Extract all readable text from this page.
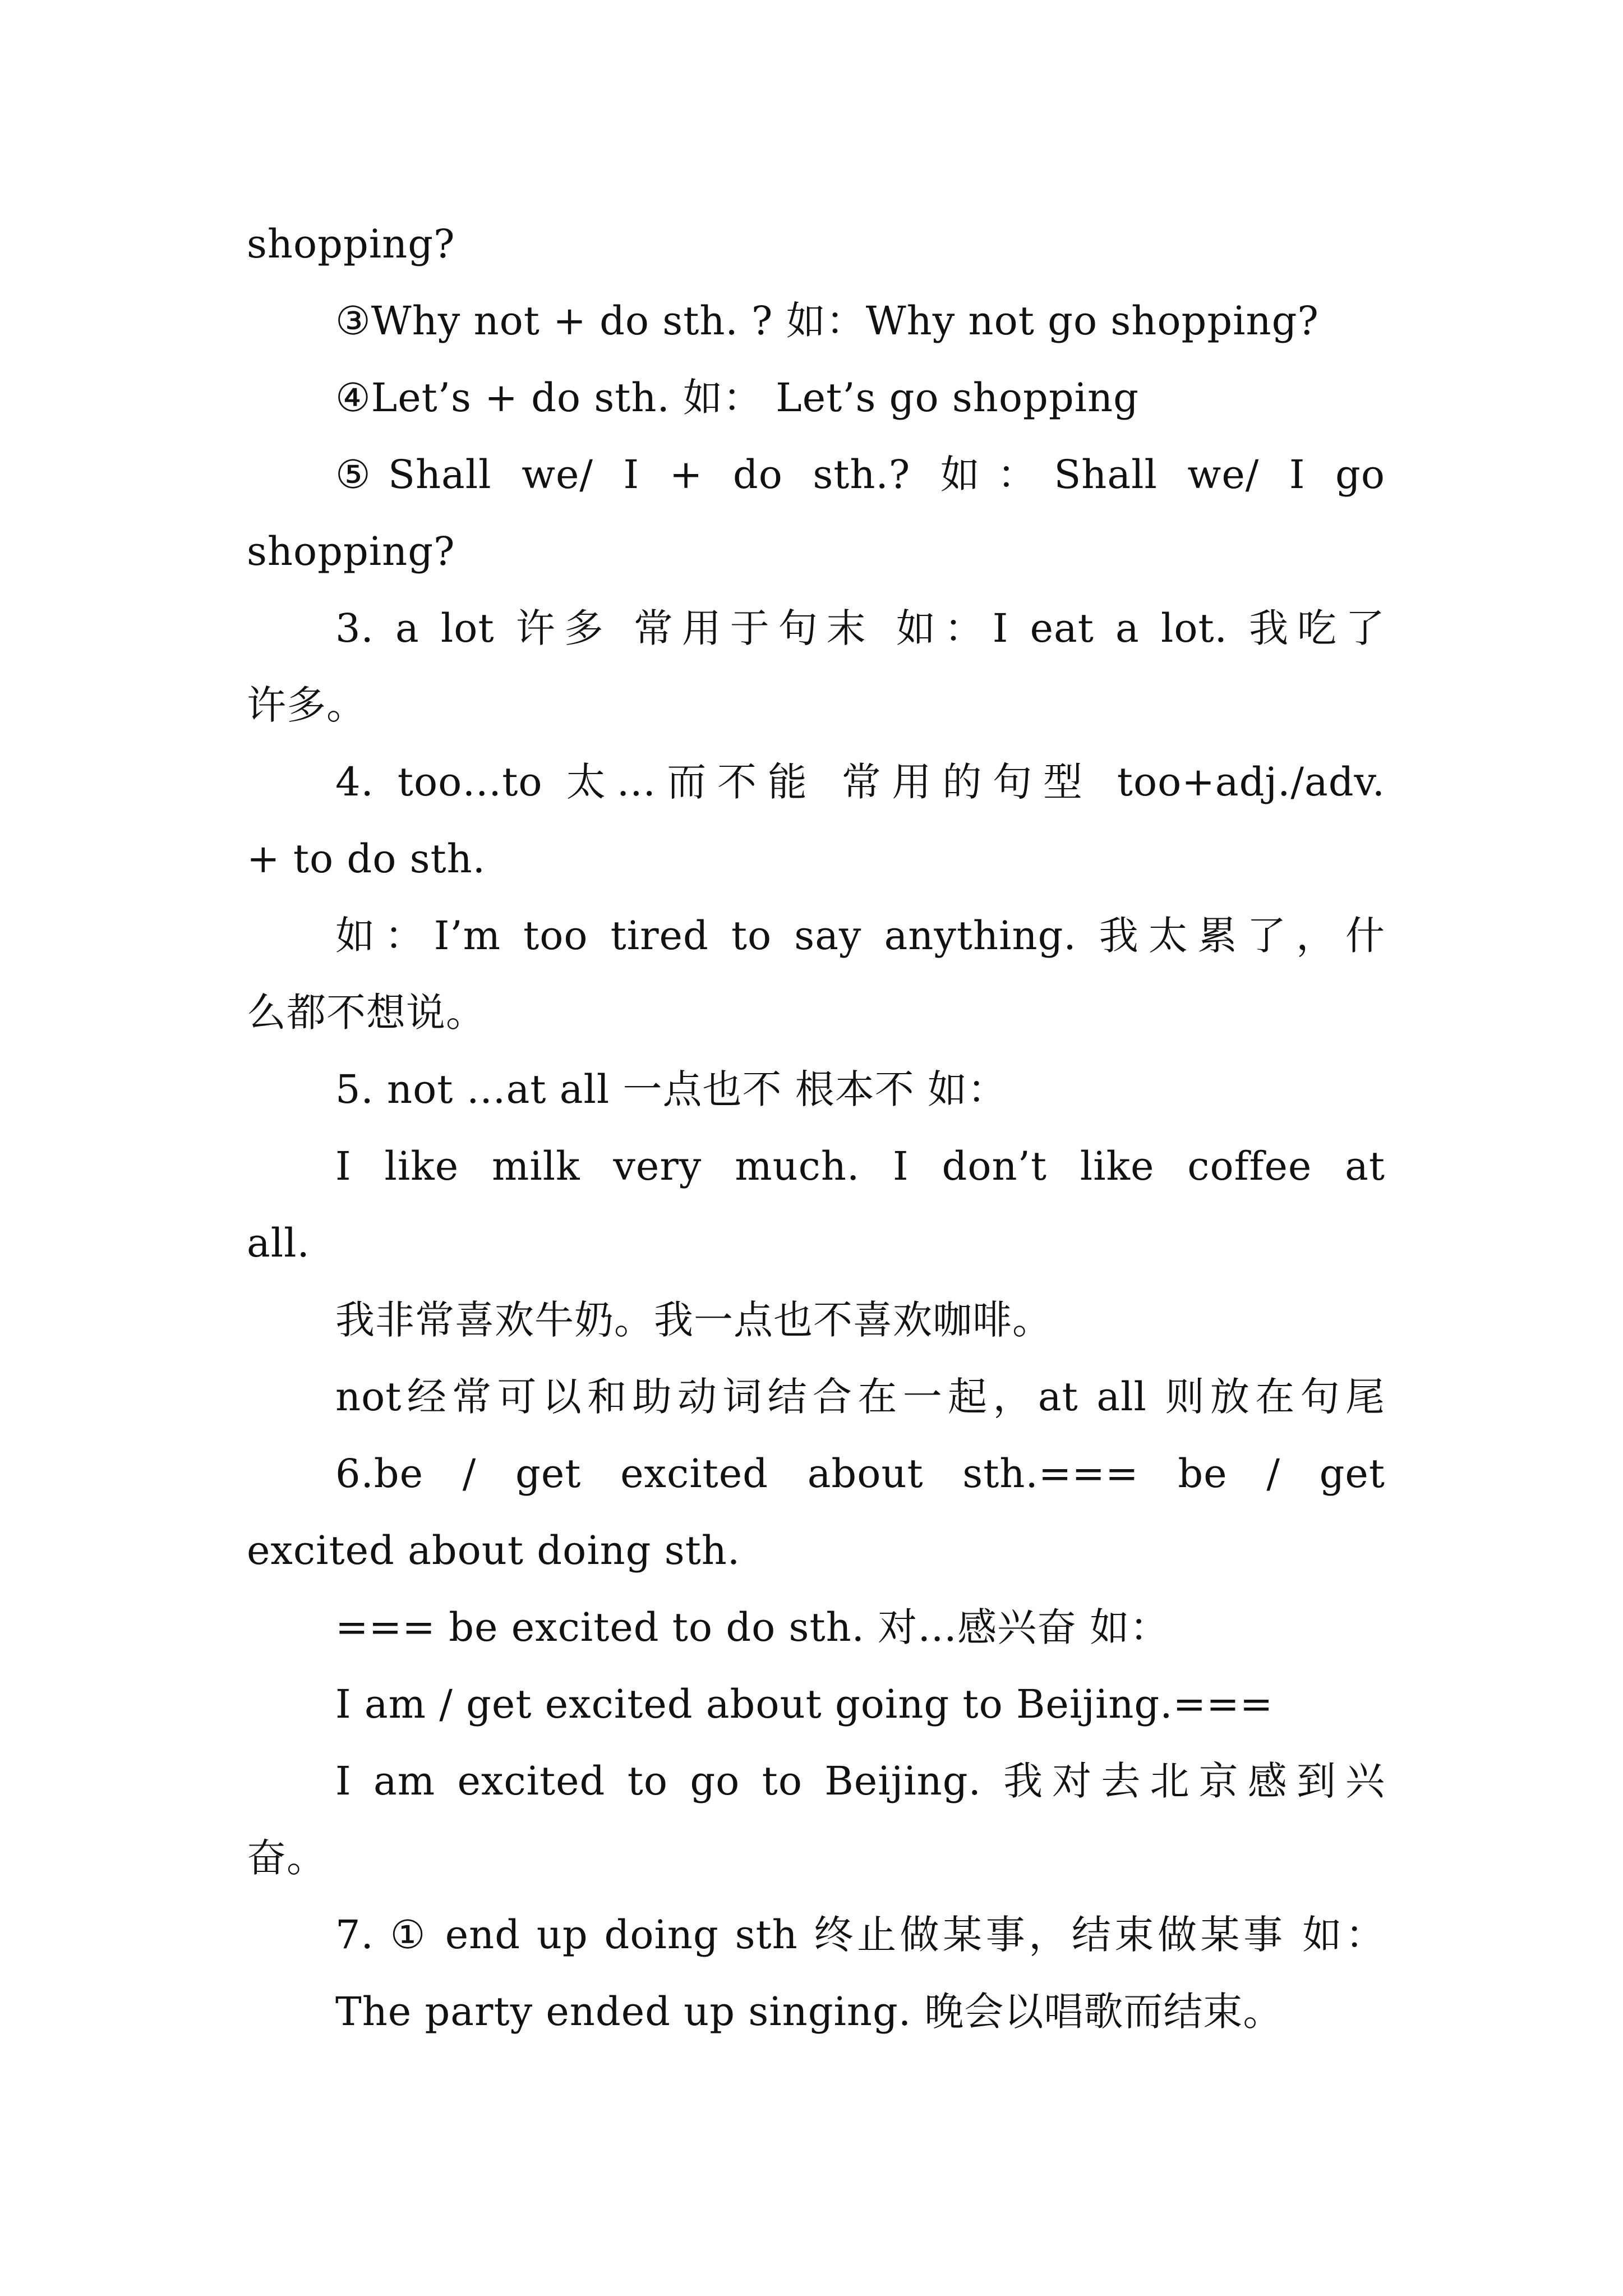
shopping?
③Why not + do sth. ? 如：Why not go shopping?
④Let’s + do sth. 如： Let’s go shopping
⑤Shall we/ I + do sth.? 如：Shall we/ I go
shopping?
3. a lot 许多 常用于句末 如：I eat a lot. 我吃了
许多。
4. too…to 太…而不能 常用的句型 too+adj./adv.
+ to do sth.
如：I’m too tired to say anything. 我太累了，什
么都不想说。
5. not …at all 一点也不 根本不 如：
I like milk very much. I don’t like coffee at
all.
我非常喜欢牛奶。我一点也不喜欢咖啡。
not经常可以和助动词结合在一起，at all 则放在句尾
6.be / get excited about sth.=== be / get
excited about doing sth.
=== be excited to do sth. 对…感兴奋 如：
I am / get excited about going to Beijing.===
I am excited to go to Beijing. 我对去北京感到兴
奋。
7. ① end up doing sth 终止做某事，结束做某事 如：
The party ended up singing. 晚会以唱歌而结束。
